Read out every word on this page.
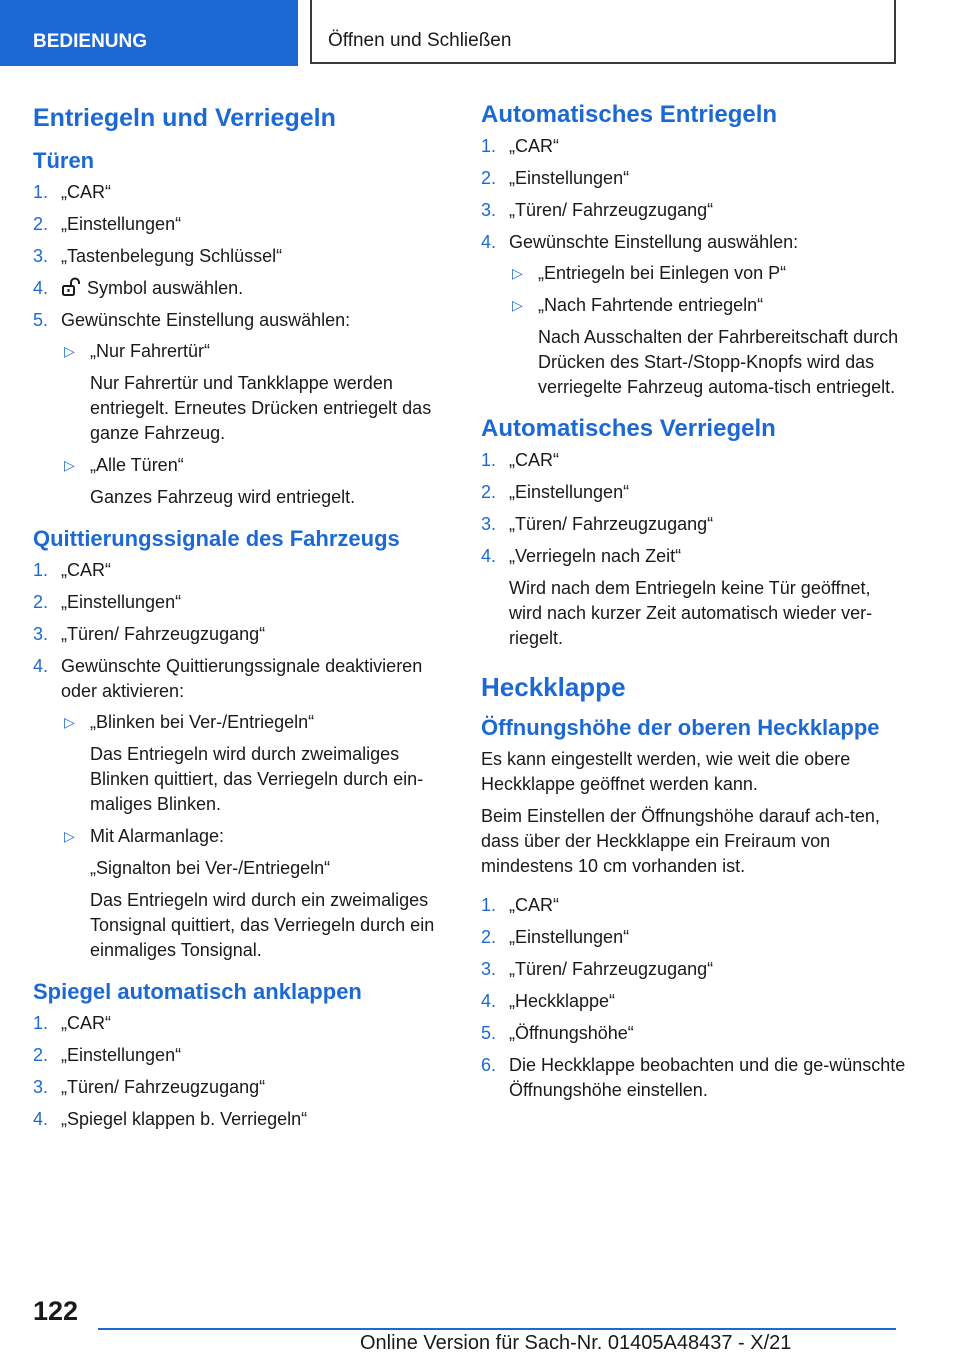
BEDIENUNG	Öffnen und Schließen
Entriegeln und Verriegeln
Türen
1. „CAR“
2. „Einstellungen“
3. „Tastenbelegung Schlüssel“
4. Symbol auswählen.
5. Gewünschte Einstellung auswählen:
▷ „Nur Fahrertür“
Nur Fahrertür und Tankklappe werden entriegelt. Erneutes Drücken entriegelt das ganze Fahrzeug.
▷ „Alle Türen“
Ganzes Fahrzeug wird entriegelt.
Quittierungssignale des Fahrzeugs
1. „CAR“
2. „Einstellungen“
3. „Türen/ Fahrzeugzugang“
4. Gewünschte Quittierungssignale deaktivieren oder aktivieren:
▷ „Blinken bei Ver-/Entriegeln“
Das Entriegeln wird durch zweimaliges Blinken quittiert, das Verriegeln durch ein-maliges Blinken.
▷ Mit Alarmanlage:
„Signalton bei Ver-/Entriegeln“
Das Entriegeln wird durch ein zweimaliges Tonsignal quittiert, das Verriegeln durch ein einmaliges Tonsignal.
Spiegel automatisch anklappen
1. „CAR“
2. „Einstellungen“
3. „Türen/ Fahrzeugzugang“
4. „Spiegel klappen b. Verriegeln“
Automatisches Entriegeln
1. „CAR“
2. „Einstellungen“
3. „Türen/ Fahrzeugzugang“
4. Gewünschte Einstellung auswählen:
▷ „Entriegeln bei Einlegen von P“
▷ „Nach Fahrtende entriegeln“
Nach Ausschalten der Fahrbereitschaft durch Drücken des Start-/Stopp-Knopfs wird das verriegelte Fahrzeug automa-tisch entriegelt.
Automatisches Verriegeln
1. „CAR“
2. „Einstellungen“
3. „Türen/ Fahrzeugzugang“
4. „Verriegeln nach Zeit“
Wird nach dem Entriegeln keine Tür geöffnet, wird nach kurzer Zeit automatisch wieder ver-riegelt.
Heckklappe
Öffnungshöhe der oberen Heckklappe

Es kann eingestellt werden, wie weit die obere Heckklappe geöffnet werden kann.

Beim Einstellen der Öffnungshöhe darauf ach-ten, dass über der Heckklappe ein Freiraum von mindestens 10 cm vorhanden ist.

1. „CAR“
2. „Einstellungen“
3. „Türen/ Fahrzeugzugang“
4. „Heckklappe“
5. „Öffnungshöhe“
6. Die Heckklappe beobachten und die ge-wünschte Öffnungshöhe einstellen.
122
Online Version für Sach-Nr. 01405A48437 - X/21
